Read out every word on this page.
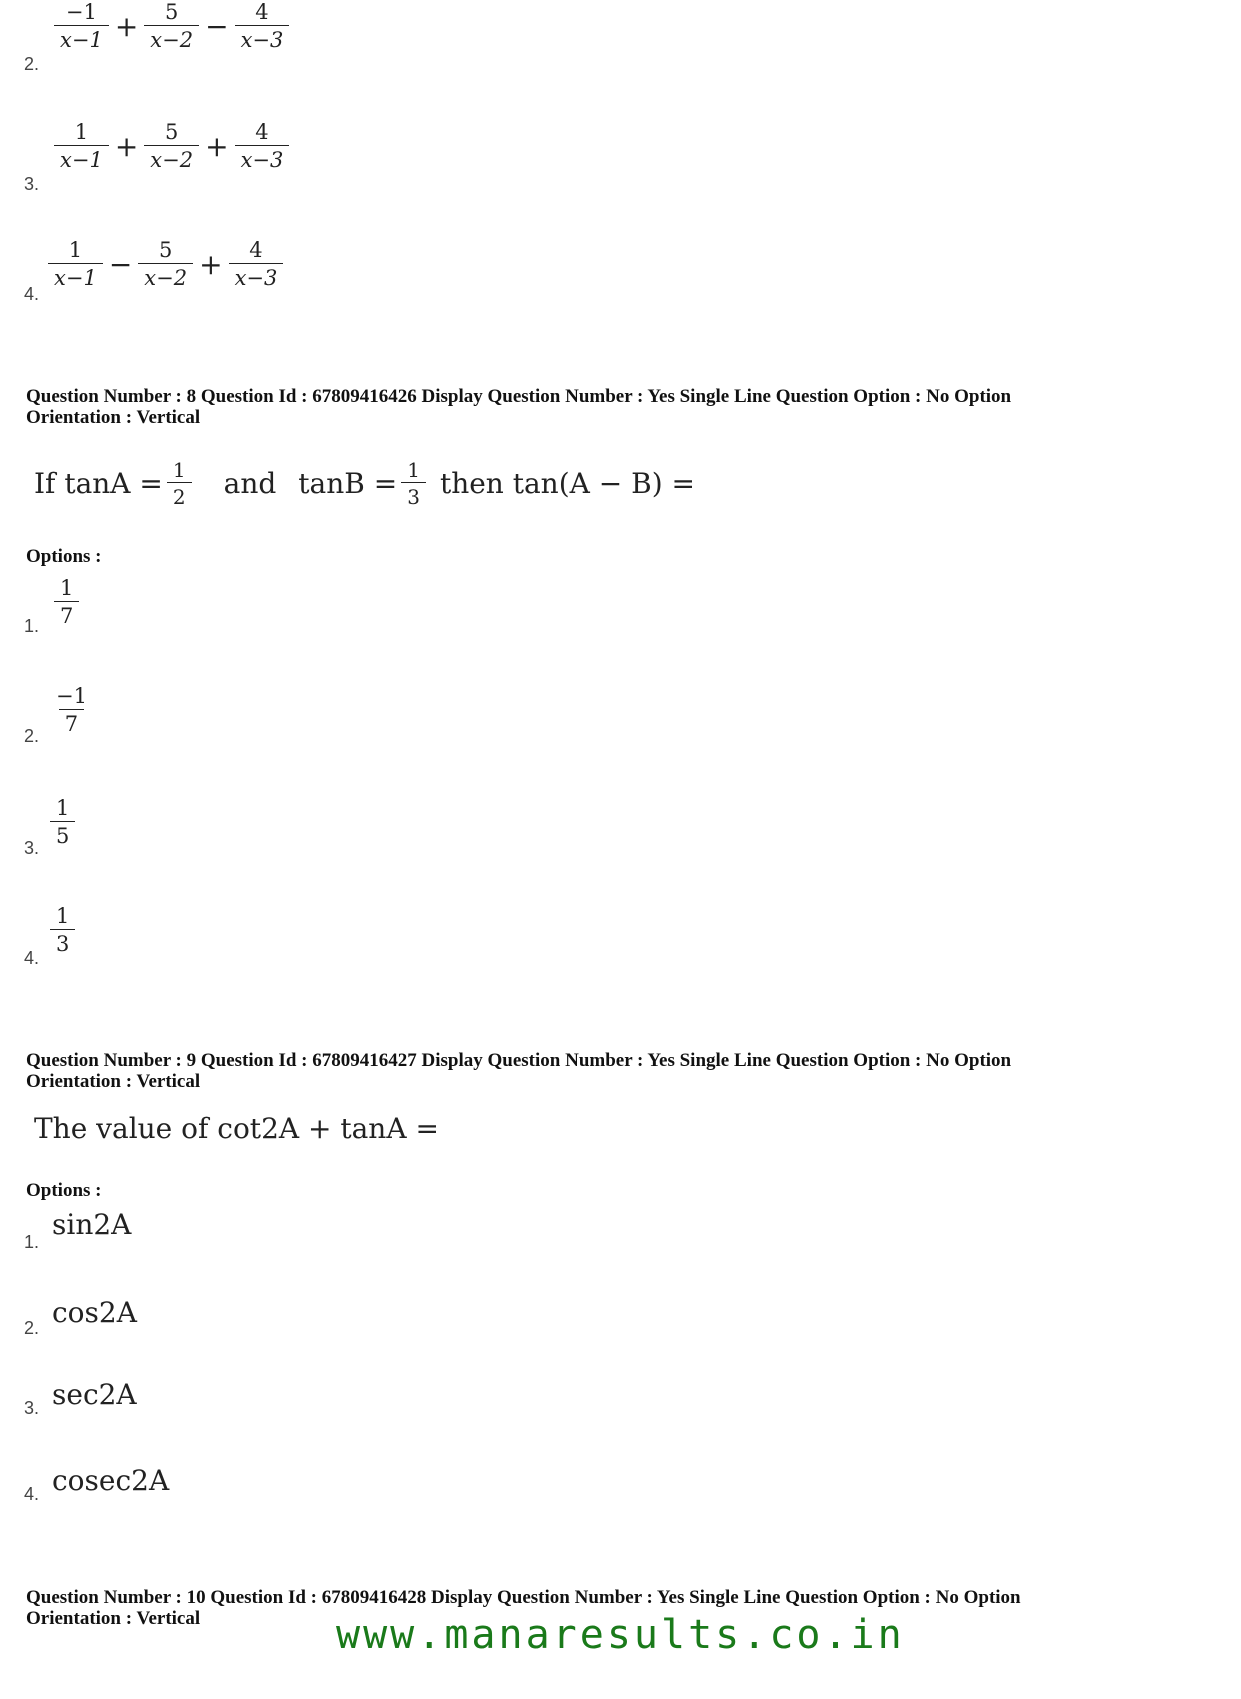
2.
$\frac{-1}{x-1} + \frac{5}{x-2} - \frac{4}{x-3}$
3.
$\frac{1}{x-1} + \frac{5}{x-2} + \frac{4}{x-3}$
4.
$\frac{1}{x-1} - \frac{5}{x-2} + \frac{4}{x-3}$
Question Number : 8 Question Id : 67809416426 Display Question Number : Yes Single Line Question Option : No Option
Orientation : Vertical
If $\tan A = \frac{1}{2}$ and $\tan B = \frac{1}{3}$ then tan(A − B) =
Options :
1. $\frac{1}{7}$
2.
$\frac{-1}{7}$
3.
$\frac{1}{5}$
4.
$\frac{1}{3}$
Question Number : 9 Question Id : 67809416427 Display Question Number : Yes Single Line Question Option : No Option
Orientation : Vertical
The value of cot2A + tanA =
Options :
1.
sin2A
2. cos2A
3. sec2A
4. cosec2A
Question Number : 10 Question Id : 67809416428 Display Question Number : Yes Single Line Question Option : No Option
Orientation : Vertical	www.manaresults.co.in
